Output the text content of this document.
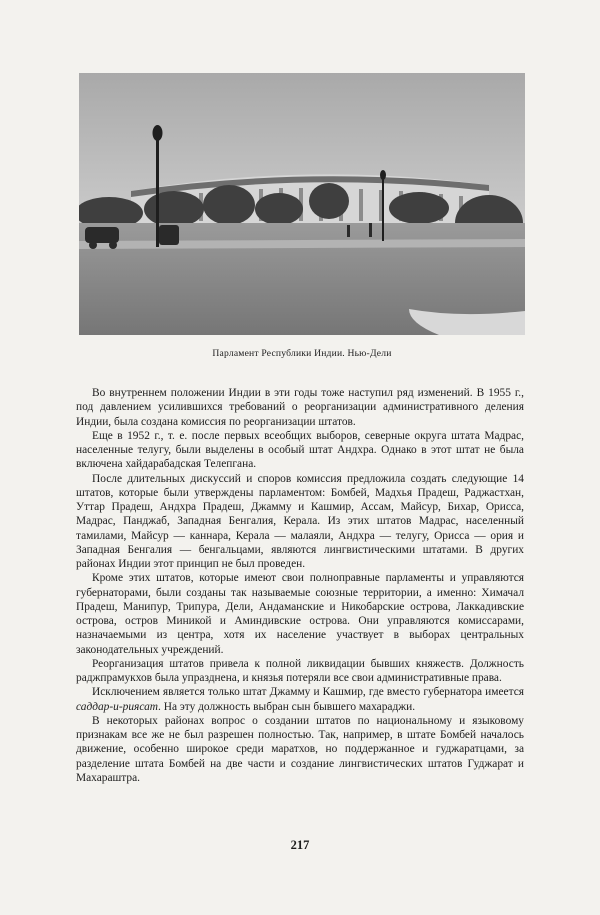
Парламент Республики Индии. Нью-Дели

Во внутреннем положении Индии в эти годы тоже наступил ряд изменений. В 1955 г., под давлением усилившихся требований о реорганизации административного деления Индии, была создана комиссия по реорганизации штатов.

Еще в 1952 г., т. е. после первых всеобщих выборов, северные округа штата Мадрас, населенные телугу, были выделены в особый штат Андхра. Однако в этот штат не была включена хайдарабадская Телепгана.

После длительных дискуссий и споров комиссия предложила создать следующие 14 штатов, которые были утверждены парламентом: Бомбей, Мадхья Прадеш, Раджастхан, Уттар Прадеш, Андхра Прадеш, Джамму и Кашмир, Ассам, Майсур, Бихар, Орисса, Мадрас, Панджаб, Западная Бенгалия, Керала. Из этих штатов Мадрас, населенный тамилами, Майсур — каннара, Керала — малаяли, Андхра — телугу, Орисса — ория и Западная Бенгалия — бенгальцами, являются лингвистическими штатами. В других районах Индии этот принцип не был проведен.

Кроме этих штатов, которые имеют свои полноправные парламенты и управляются губернаторами, были созданы так называемые союзные территории, а именно: Химачал Прадеш, Манипур, Трипура, Дели, Андаманские и Никобарские острова, Лаккадивские острова, остров Миникой и Аминдивские острова. Они управляются комиссарами, назначаемыми из центра, хотя их население участвует в выборах центральных законодательных учреждений.

Реорганизация штатов привела к полной ликвидации бывших княжеств. Должность раджпрамукхов была упразднена, и князья потеряли все свои административные права.

Исключением является только штат Джамму и Кашмир, где вместо губернатора имеется саддар-и-риясат. На эту должность выбран сын бывшего махараджи.

В некоторых районах вопрос о создании штатов по национальному и языковому признакам все же не был разрешен полностью. Так, например, в штате Бомбей началось движение, особенно широкое среди маратхов, но поддержанное и гуджаратцами, за разделение штата Бомбей на две части и создание лингвистических штатов Гуджарат и Махараштра.

217
